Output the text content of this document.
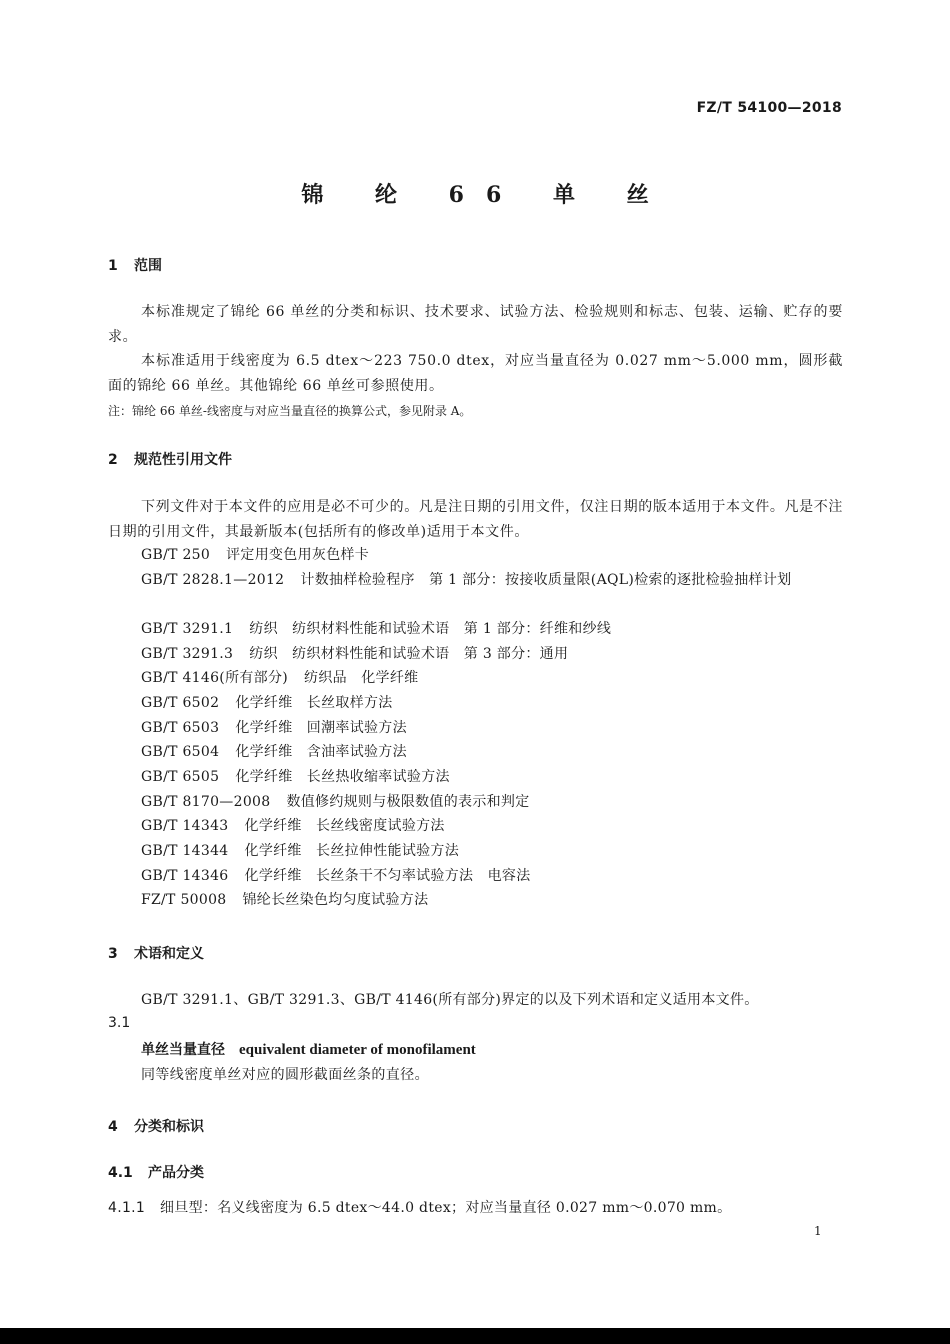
FZ/T 54100—2018
锦 纶 66 单 丝
1 范围
本标准规定了锦纶 66 单丝的分类和标识、技术要求、试验方法、检验规则和标志、包装、运输、贮存的要求。
本标准适用于线密度为 6.5 dtex～223 750.0 dtex，对应当量直径为 0.027 mm～5.000 mm，圆形截面的锦纶 66 单丝。其他锦纶 66 单丝可参照使用。
注：锦纶 66 单丝-线密度与对应当量直径的换算公式，参见附录 A。
2 规范性引用文件
下列文件对于本文件的应用是必不可少的。凡是注日期的引用文件，仅注日期的版本适用于本文件。凡是不注日期的引用文件，其最新版本(包括所有的修改单)适用于本文件。
GB/T 250 评定用变色用灰色样卡
GB/T 2828.1—2012 计数抽样检验程序　第 1 部分：按接收质量限(AQL)检索的逐批检验抽样计划
GB/T 3291.1 纺织　纺织材料性能和试验术语　第 1 部分：纤维和纱线
GB/T 3291.3 纺织　纺织材料性能和试验术语　第 3 部分：通用
GB/T 4146(所有部分) 纺织品　化学纤维
GB/T 6502 化学纤维　长丝取样方法
GB/T 6503 化学纤维　回潮率试验方法
GB/T 6504 化学纤维　含油率试验方法
GB/T 6505 化学纤维　长丝热收缩率试验方法
GB/T 8170—2008 数值修约规则与极限数值的表示和判定
GB/T 14343 化学纤维　长丝线密度试验方法
GB/T 14344 化学纤维　长丝拉伸性能试验方法
GB/T 14346 化学纤维　长丝条干不匀率试验方法　电容法
FZ/T 50008 锦纶长丝染色均匀度试验方法
3 术语和定义
GB/T 3291.1、GB/T 3291.3、GB/T 4146(所有部分)界定的以及下列术语和定义适用本文件。
3.1
单丝当量直径 equivalent diameter of monofilament
同等线密度单丝对应的圆形截面丝条的直径。
4 分类和标识
4.1 产品分类
4.1.1 细旦型：名义线密度为 6.5 dtex～44.0 dtex；对应当量直径 0.027 mm～0.070 mm。
1
